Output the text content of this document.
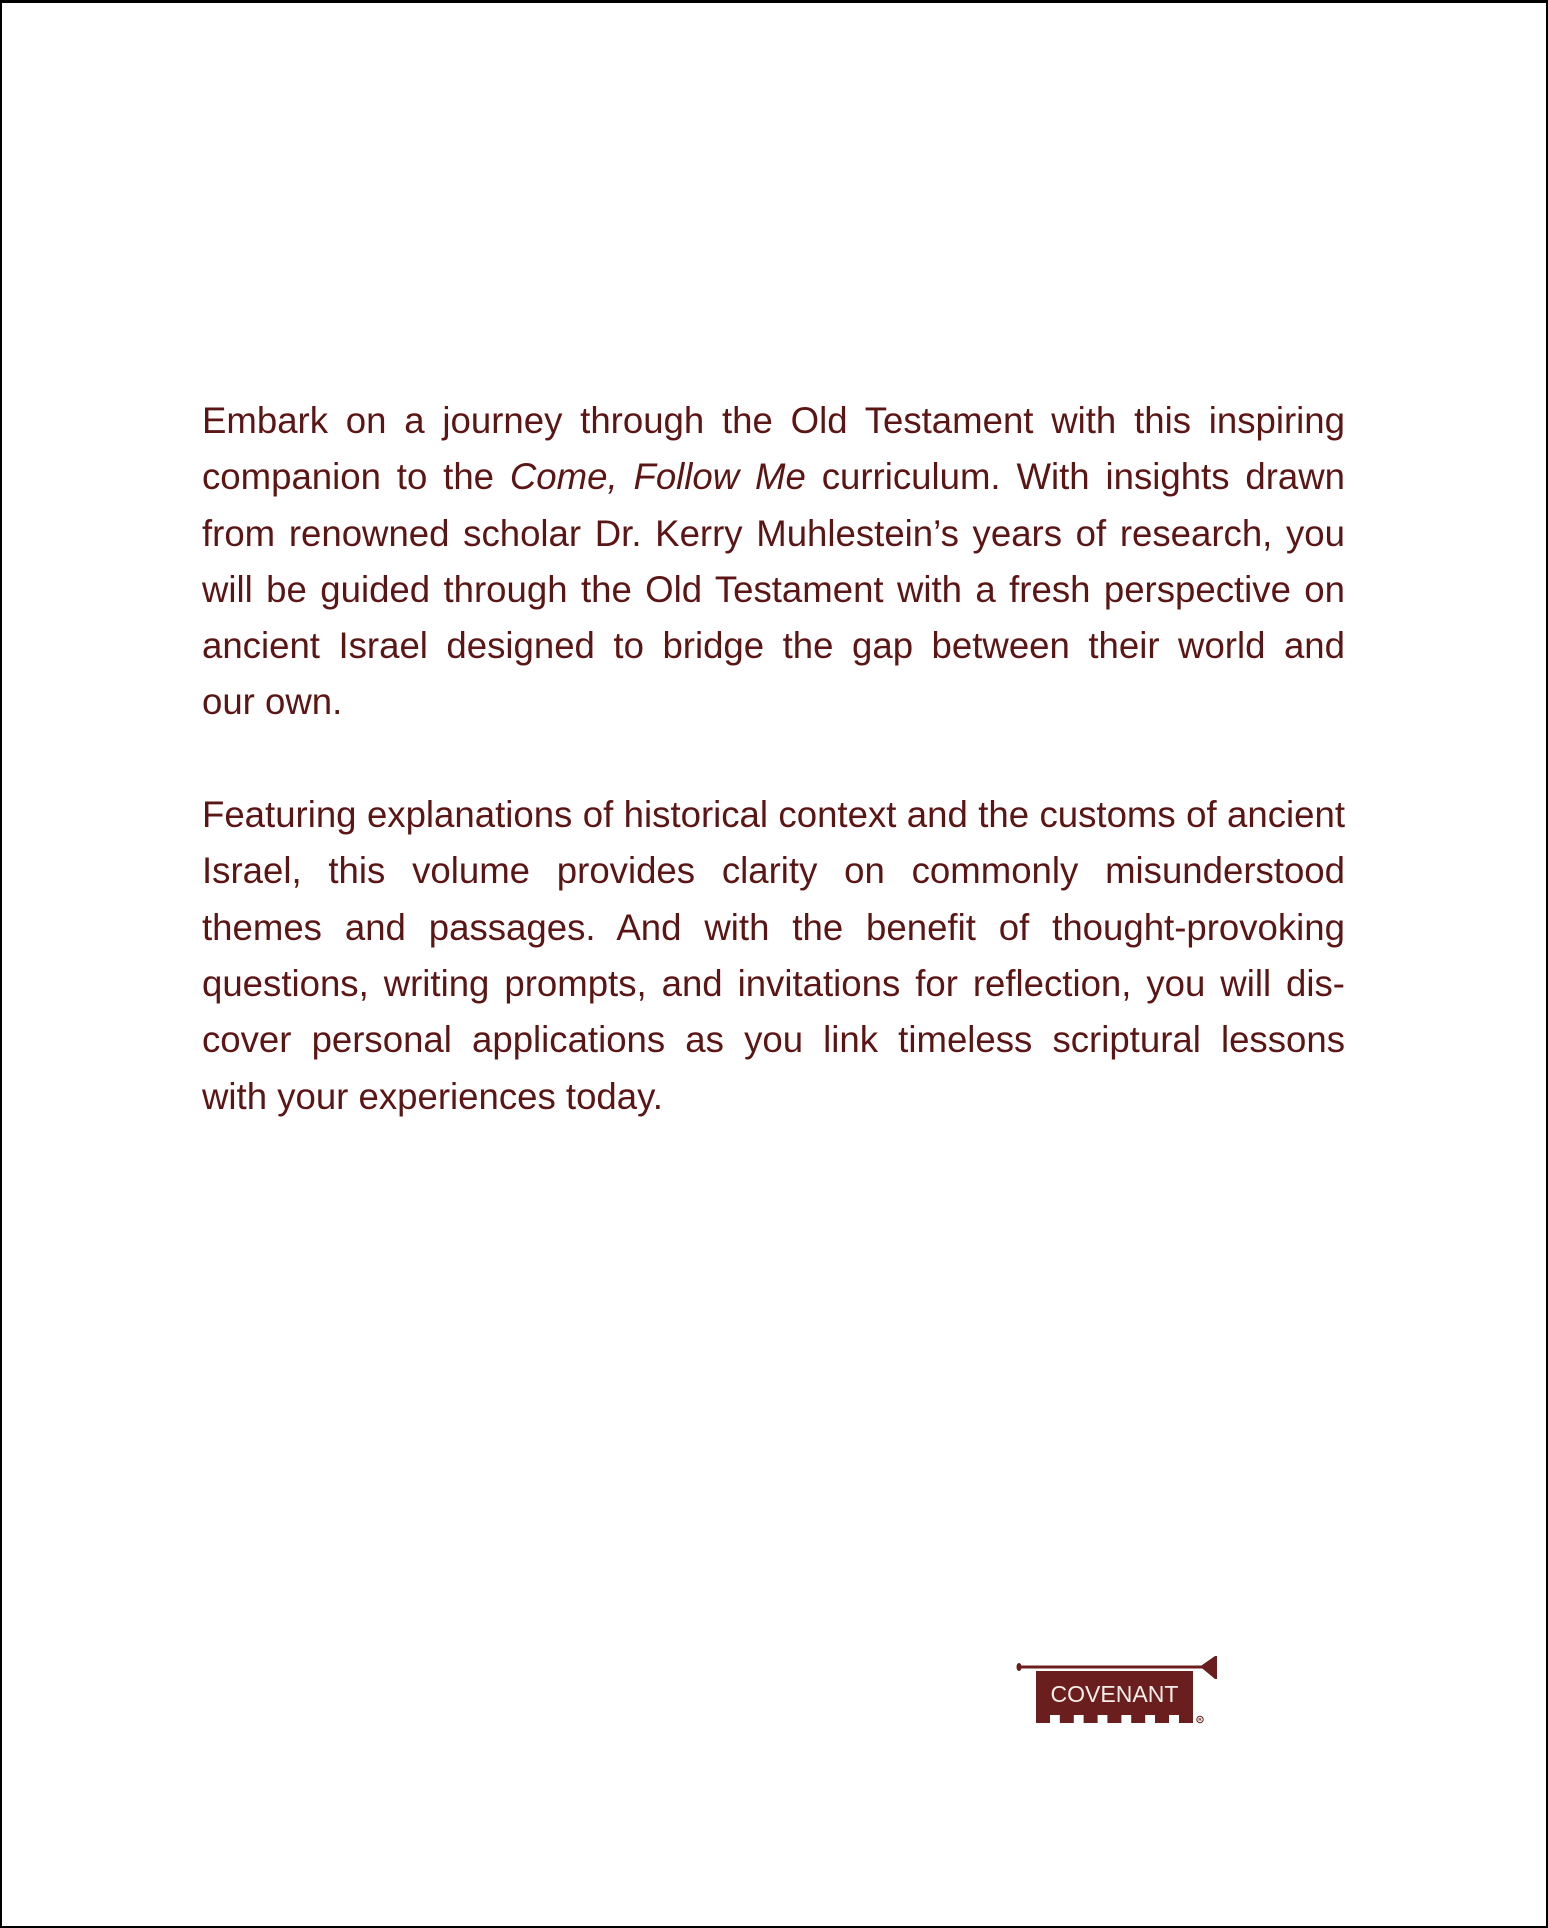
Embark on a journey through the Old Testament with this inspiring
companion to the Come, Follow Me curriculum. With insights drawn
from renowned scholar Dr. Kerry Muhlestein’s years of research, you
will be guided through the Old Testament with a fresh perspective on
ancient Israel designed to bridge the gap between their world and
our own.

Featuring explanations of historical context and the customs of ancient
Israel, this volume provides clarity on commonly misunderstood
themes and passages. And with the benefit of thought-provoking
questions, writing prompts, and invitations for reflection, you will dis-
cover personal applications as you link timeless scriptural lessons
with your experiences today.

R
COVENANT
